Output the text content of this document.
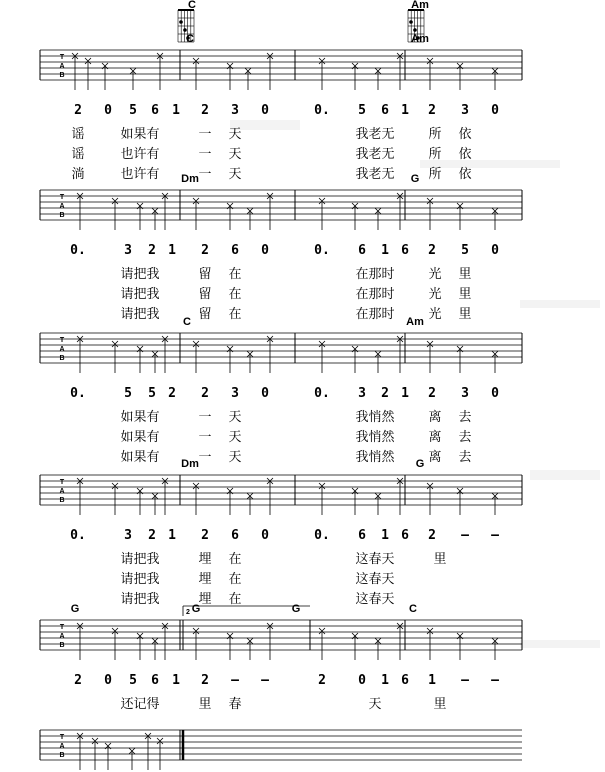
C	Am
T
A
B
C	Am
2 0 5 6 1 2 3 0	0. 5 6 1 2 3 0
谣	如果有	一 天	我老无	所 依
谣	也许有	一 天	我老无	所 依
淌	也许有	一 天	我老无	所 依
T
A
B
Dm	G
0.	3 2 1 2 6 0	0. 6 1 6 2 5 0
请把我	留 在	在那时	光 里
请把我	留 在	在那时	光 里
请把我	留 在	在那时	光 里
T
A
B
C	Am
0.	5 5 2 2 3 0	0. 3 2 1 2 3 0
如果有	一 天	我悄然	离 去
如果有	一 天	我悄然	离 去
如果有	一 天	我悄然	离 去
T
A
B
Dm	G
0.	3 2 1 2 6 0	0. 6 1 6 2 – –
请把我	埋 在	这春天	里
请把我	埋 在	这春天
请把我	埋 在	这春天
T
A
B
G	G	G	C
2
2 0 5 6 1 2 – –	2 0 1 6 1 – –
还记得	里 春	天	里
T
A
B
